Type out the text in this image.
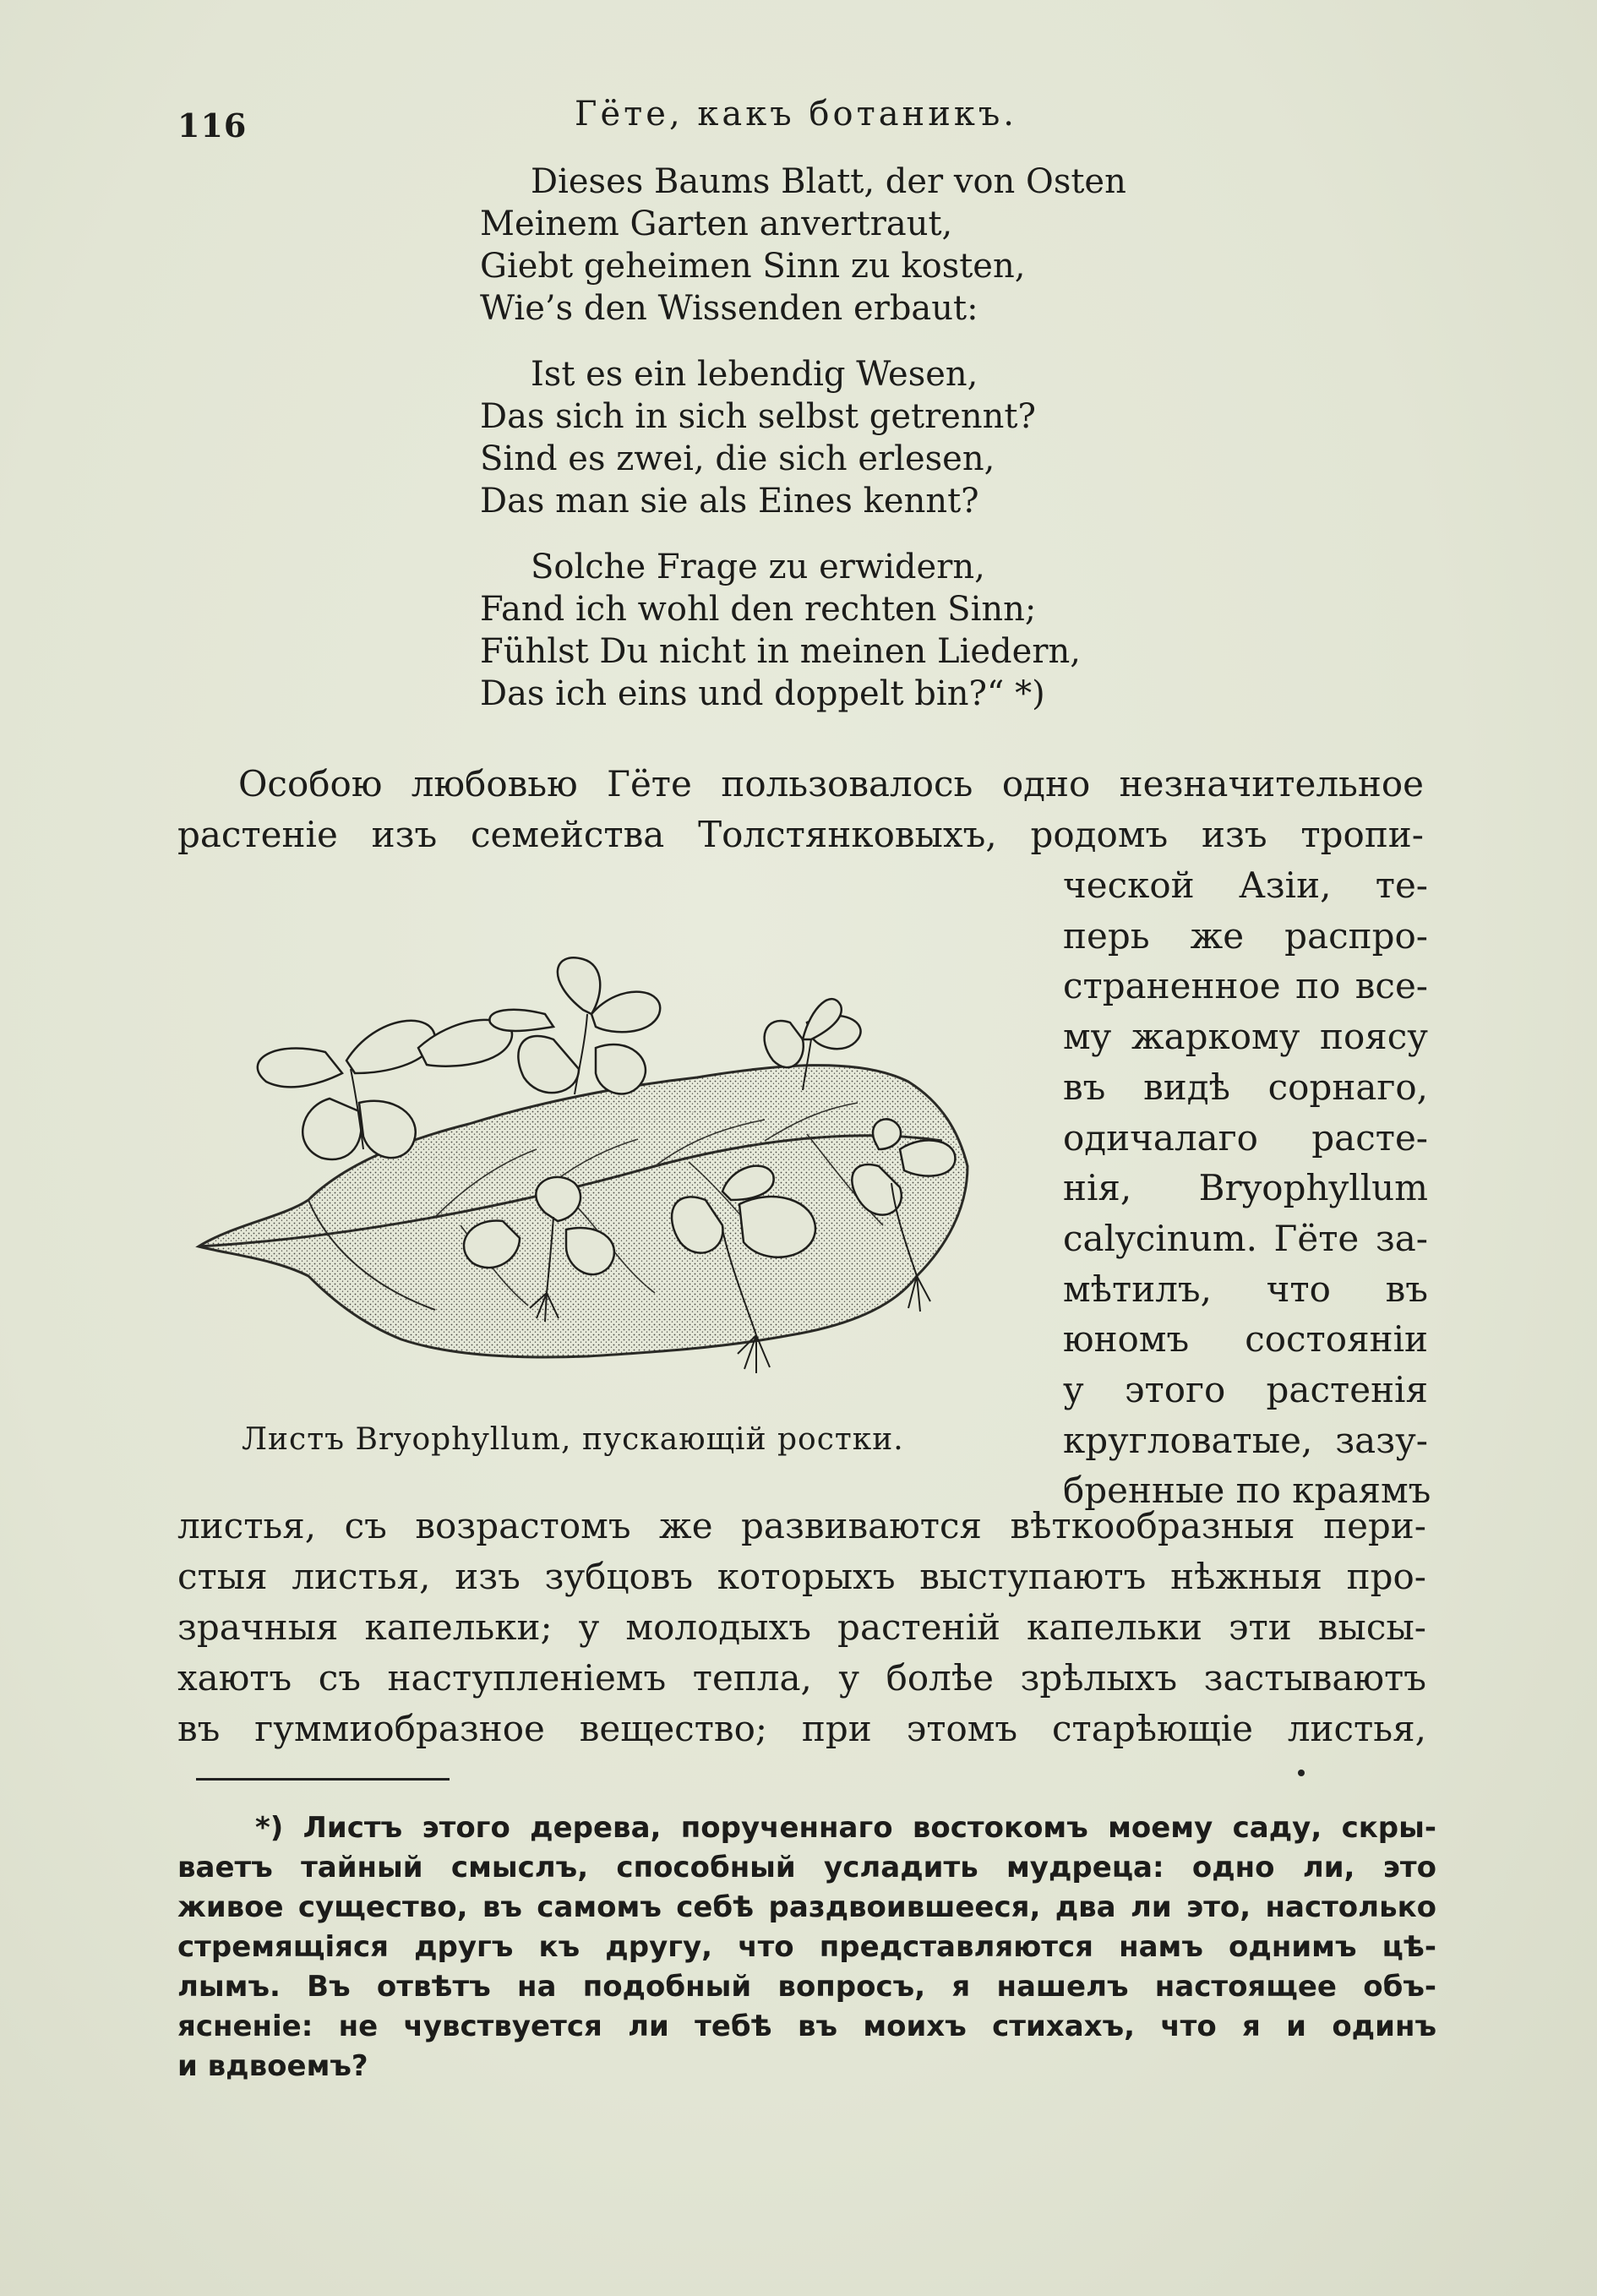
116	Гёте, какъ ботаникъ.
Dieses Baums Blatt, der von Osten
Meinem Garten anvertraut,
Giebt geheimen Sinn zu kosten,
Wie’s den Wissenden erbaut:
Ist es ein lebendig Wesen,
Das sich in sich selbst getrennt?
Sind es zwei, die sich erlesen,
Das man sie als Eines kennt?
Solche Frage zu erwidern,
Fand ich wohl den rechten Sinn;
Fühlst Du nicht in meinen Liedern,
Das ich eins und doppelt bin?“ *)
Особою любовью Гёте пользовалось одно незначительное
растеніе изъ семейства Толстянковыхъ, родомъ изъ тропи-
Листъ Bryophyllum, пускающій ростки.
ческой Азіи, те-
перь же распро-
страненное по все-
му жаркому поясу
въ видѣ сорнаго,
одичалаго расте-
нія, Bryophyllum
calycinum. Гёте за-
мѣтилъ, что въ
юномъ состояніи
у этого растенія
кругловатые, зазу-
бренные по краямъ
листья, съ возрастомъ же развиваются вѣткообразныя пери-
стыя листья, изъ зубцовъ которыхъ выступаютъ нѣжныя про-
зрачныя капельки; у молодыхъ растеній капельки эти высы-
хаютъ съ наступленіемъ тепла, у болѣе зрѣлыхъ застываютъ
въ гуммиобразное вещество; при этомъ старѣющіе листья,
*) Листъ этого дерева, порученнаго востокомъ моему саду, скры-
ваетъ тайный смыслъ, способный усладить мудреца: одно ли, это
живое существо, въ самомъ себѣ раздвоившееся, два ли это, настолько
стремящіяся другъ къ другу, что представляются намъ однимъ цѣ-
лымъ. Въ отвѣтъ на подобный вопросъ, я нашелъ настоящее объ-
ясненіе: не чувствуется ли тебѣ въ моихъ стихахъ, что я и одинъ
и вдвоемъ?
